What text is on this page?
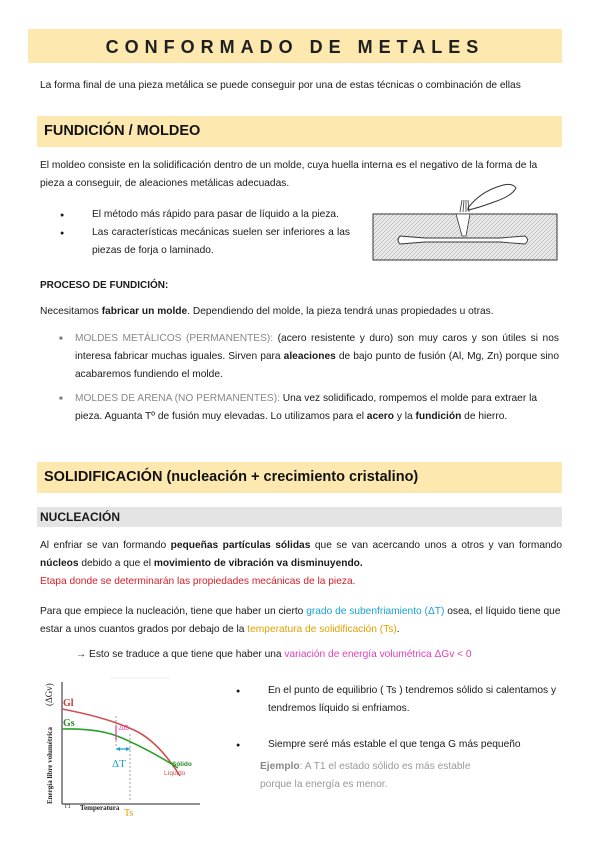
CONFORMADO DE METALES
La forma final de una pieza metálica se puede conseguir por una de estas técnicas o combinación de ellas
FUNDICIÓN / MOLDEO
El moldeo consiste en la solidificación dentro de un molde, cuya huella interna es el negativo de la forma de la pieza a conseguir, de aleaciones metálicas adecuadas.
● El método más rápido para pasar de líquido a la pieza.
● Las características mecánicas suelen ser inferiores a las piezas de forja o laminado.
PROCESO DE FUNDICIÓN:
Necesitamos fabricar un molde. Dependiendo del molde, la pieza tendrá unas propiedades u otras.
■ MOLDES METÁLICOS (PERMANENTES): (acero resistente y duro) son muy caros y son útiles si nos interesa fabricar muchas iguales. Sirven para aleaciones de bajo punto de fusión (Al, Mg, Zn) porque sino acabaremos fundiendo el molde.
■ MOLDES DE ARENA (NO PERMANENTES): Una vez solidificado, rompemos el molde para extraer la pieza. Aguanta Tº de fusión muy elevadas. Lo utilizamos para el acero y la fundición de hierro.
SOLIDIFICACIÓN (nucleación + crecimiento cristalino)
NUCLEACIÓN
Al enfriar se van formando pequeñas partículas sólidas que se van acercando unos a otros y van formando núcleos debido a que el movimiento de vibración va disminuyendo.
Etapa donde se determinarán las propiedades mecánicas de la pieza.
Para que empiece la nucleación, tiene que haber un cierto grado de subenfriamiento (ΔT) osea, el líquido tiene que estar a unos cuantos grados por debajo de la temperatura de solidificación (Ts).
→ Esto se traduce a que tiene que haber una variación de energía volumétrica ΔGv < 0
Energía libre volumétrica
(ΔGv)
Temperatura
T1
Gl
Gs	ΔG
ΔT
Ts
Sólido
Líquido
● En el punto de equilibrio ( Ts ) tendremos sólido si calentamos y tendremos líquido si enfriamos.
● Siempre seré más estable el que tenga G más pequeño
Ejemplo: A T1 el estado sólido es más estable porque la energía es menor.
